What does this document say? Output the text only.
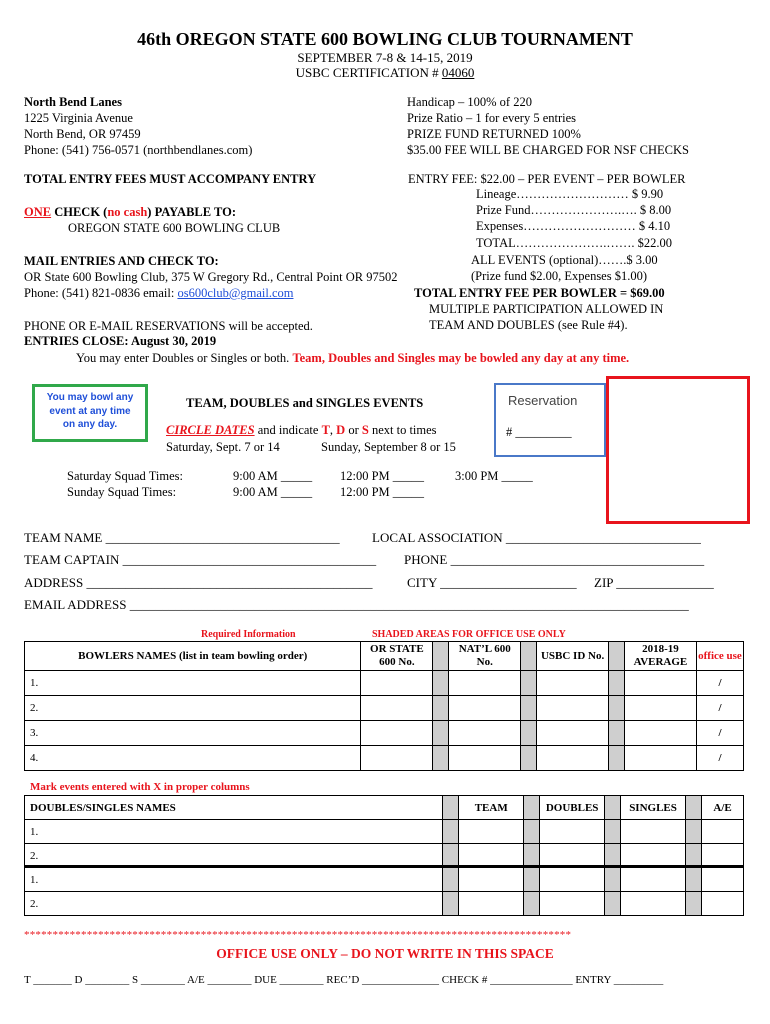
46th OREGON STATE 600 BOWLING CLUB TOURNAMENT
SEPTEMBER 7-8 & 14-15, 2019
USBC CERTIFICATION # 04060
North Bend Lanes
1225 Virginia Avenue
North Bend, OR 97459
Phone: (541) 756-0571 (northbendlanes.com)
Handicap – 100% of 220
Prize Ratio – 1 for every 5 entries
PRIZE FUND RETURNED 100%
$35.00 FEE WILL BE CHARGED FOR NSF CHECKS
TOTAL ENTRY FEES MUST ACCOMPANY ENTRY
ONE CHECK (no cash) PAYABLE TO:
OREGON STATE 600 BOWLING CLUB
MAIL ENTRIES AND CHECK TO:
OR State 600 Bowling Club, 375 W Gregory Rd., Central Point OR 97502
Phone: (541) 821-0836 email: os600club@gmail.com
PHONE OR E-MAIL RESERVATIONS will be accepted.
ENTRIES CLOSE: August 30, 2019
You may enter Doubles or Singles or both. Team, Doubles and Singles may be bowled any day at any time.
ENTRY FEE: $22.00 – PER EVENT – PER BOWLER
Lineage……………………… $ 9.90
Prize Fund………………….…. $ 8.00
Expenses……………………… $ 4.10
TOTAL………………….……. $22.00
ALL EVENTS (optional)…….$ 3.00
(Prize fund $2.00, Expenses $1.00)
TOTAL ENTRY FEE PER BOWLER = $69.00
MULTIPLE PARTICIPATION ALLOWED IN
TEAM AND DOUBLES (see Rule #4).
You may bowl any
event at any time
on any day.
TEAM, DOUBLES and SINGLES EVENTS
CIRCLE DATES and indicate T, D or S next to times
Saturday, Sept. 7 or 14	Sunday, September 8 or 15
Reservation
# _________
Saturday Squad Times:
Sunday Squad Times:
9:00 AM _____ 12:00 PM _____ 3:00 PM _____
9:00 AM _____ 12:00 PM _____
TEAM NAME ____________________________________ LOCAL ASSOCIATION ______________________________
TEAM CAPTAIN _______________________________________ PHONE _______________________________________
ADDRESS ____________________________________________	CITY _____________________ ZIP _______________
EMAIL ADDRESS ______________________________________________________________________________________
Required Information	SHADED AREAS FOR OFFICE USE ONLY
BOWLERS NAMES (list in team bowling order)	OR STATE 600 No.		NAT’L 600 No.		USBC ID No.		2018-19 AVERAGE	office use
1.								/
2.								/
3.								/
4.								/
Mark events entered with X in proper columns
DOUBLES/SINGLES NAMES		TEAM		DOUBLES		SINGLES		A/E
1.								
2.								
1.								
2.								
************************************************************************************************
OFFICE USE ONLY – DO NOT WRITE IN THIS SPACE
T _______ D ________ S ________ A/E ________ DUE ________ REC’D ______________ CHECK # _______________ ENTRY _________
